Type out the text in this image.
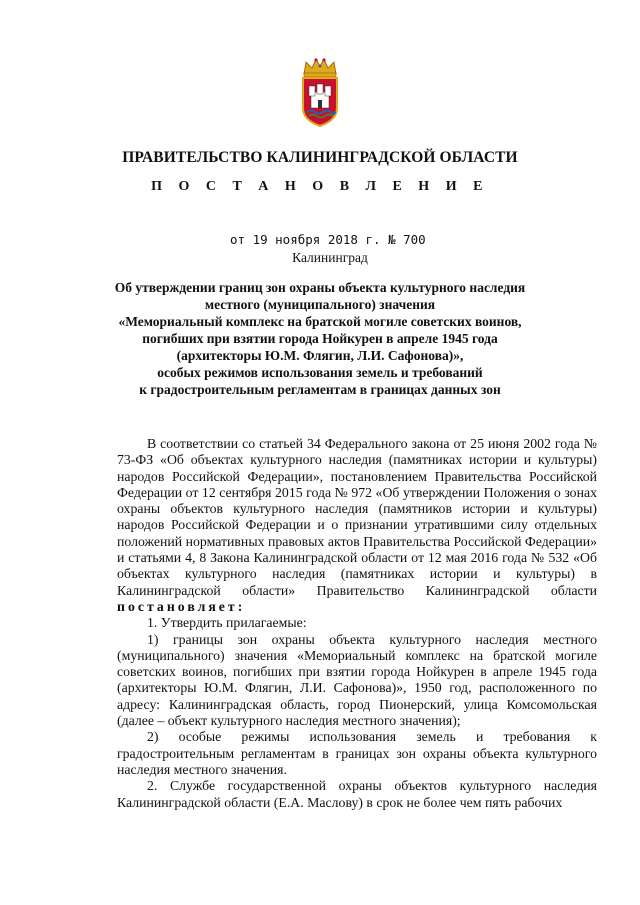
ПРАВИТЕЛЬСТВО КАЛИНИНГРАДСКОЙ ОБЛАСТИ
П О С Т А Н О В Л Е Н И Е
от 19 ноября 2018 г. № 700
Калининград
Об утверждении границ зон охраны объекта культурного наследия
местного (муниципального) значения
«Мемориальный комплекс на братской могиле советских воинов,
погибших при взятии города Нойкурен в апреле 1945 года
(архитекторы Ю.М. Флягин, Л.И. Сафонова)»,
особых режимов использования земель и требований
к градостроительным регламентам в границах данных зон

В соответствии со статьей 34 Федерального закона от 25 июня 2002 года № 73-ФЗ «Об объектах культурного наследия (памятниках истории и культуры) народов Российской Федерации», постановлением Правительства Российской Федерации от 12 сентября 2015 года № 972 «Об утверждении Положения о зонах охраны объектов культурного наследия (памятников истории и культуры) народов Российской Федерации и о признании утратившими силу отдельных положений нормативных правовых актов Правительства Российской Федерации» и статьями 4, 8 Закона Калининградской области от 12 мая 2016 года № 532 «Об объектах культурного наследия (памятниках истории и культуры) в Калининградской области» Правительство Калининградской области постановляет:

1. Утвердить прилагаемые:

1) границы зон охраны объекта культурного наследия местного (муниципального) значения «Мемориальный комплекс на братской могиле советских воинов, погибших при взятии города Нойкурен в апреле 1945 года (архитекторы Ю.М. Флягин, Л.И. Сафонова)», 1950 год, расположенного по адресу: Калининградская область, город Пионерский, улица Комсомольская (далее – объект культурного наследия местного значения);

2) особые режимы использования земель и требования к градостроительным регламентам в границах зон охраны объекта культурного наследия местного значения.

2. Службе государственной охраны объектов культурного наследия Калининградской области (Е.А. Маслову) в срок не более чем пять рабочих
